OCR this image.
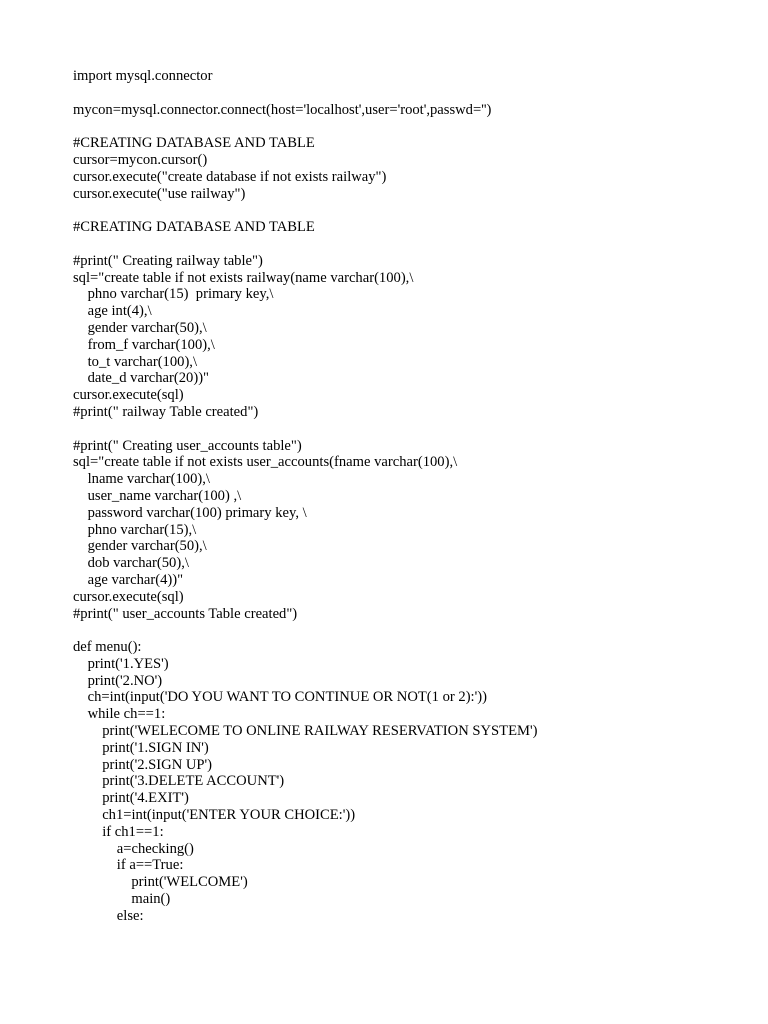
import mysql.connector
mycon=mysql.connector.connect(host='localhost',user='root',passwd='')
#CREATING DATABASE AND TABLE
cursor=mycon.cursor()
cursor.execute("create database if not exists railway")
cursor.execute("use railway")
#CREATING DATABASE AND TABLE
#print(" Creating railway table")
sql="create table if not exists railway(name varchar(100),\
phno varchar(15)  primary key,\
age int(4),\
gender varchar(50),\
from_f varchar(100),\
to_t varchar(100),\
date_d varchar(20))"
cursor.execute(sql)
#print(" railway Table created")
#print(" Creating user_accounts table")
sql="create table if not exists user_accounts(fname varchar(100),\
lname varchar(100),\
user_name varchar(100) ,\
password varchar(100) primary key, \
phno varchar(15),\
gender varchar(50),\
dob varchar(50),\
age varchar(4))"
cursor.execute(sql)
#print(" user_accounts Table created")
def menu():
print('1.YES')
print('2.NO')
ch=int(input('DO YOU WANT TO CONTINUE OR NOT(1 or 2):'))
while ch==1:
print('WELECOME TO ONLINE RAILWAY RESERVATION SYSTEM')
print('1.SIGN IN')
print('2.SIGN UP')
print('3.DELETE ACCOUNT')
print('4.EXIT')
ch1=int(input('ENTER YOUR CHOICE:'))
if ch1==1:
a=checking()
if a==True:
print('WELCOME')
main()
else:
